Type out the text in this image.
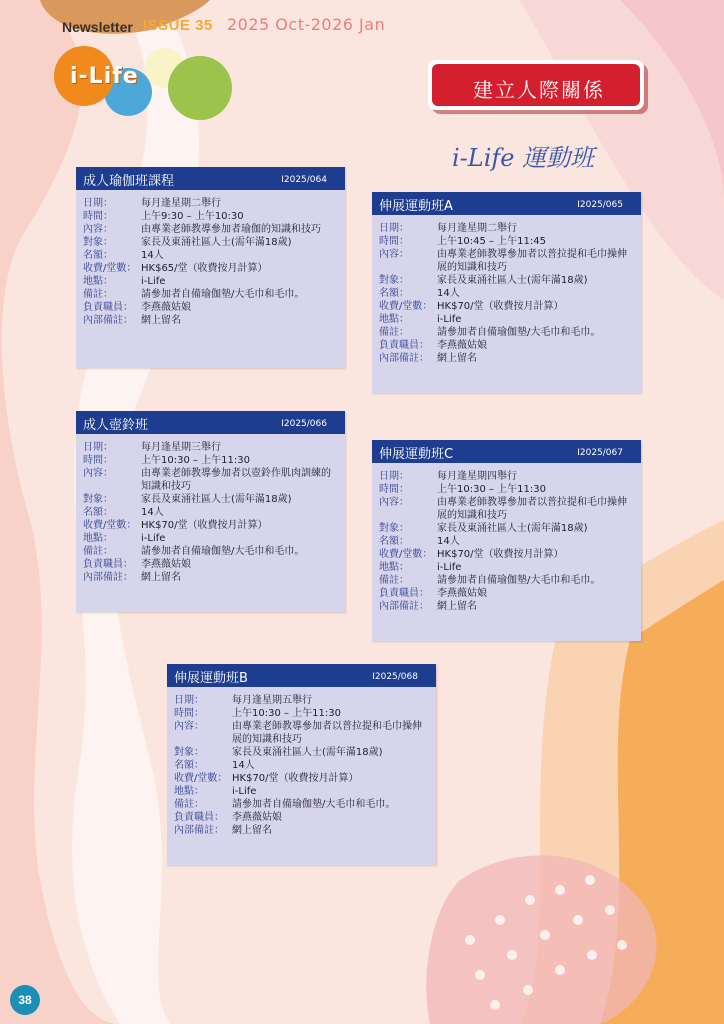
Newsletter ISSUE 35 2025 Oct-2026 Jan
i-Life
建立人際關係
i-Life 運動班
成人瑜伽班課程	I2025/064
日期：	每月逢星期二舉行
時間：	上午9:30 – 上午10:30
內容：	由專業老師教導參加者瑜伽的知識和技巧
對象：	家長及東涌社區人士(需年滿18歲)
名額：	14人
收費/堂數： HK$65/堂（收費按月計算）
地點：	i-Life
備註：	請參加者自備瑜伽墊/大毛巾和毛巾。
負責職員： 李燕薇姑娘
內部備註： 網上留名
伸展運動班A	I2025/065
日期：	每月逢星期二舉行
時間：	上午10:45 – 上午11:45
內容：	由專業老師教導參加者以普拉提和毛巾操伸展的知識和技巧
對象：	家長及東涌社區人士(需年滿18歲)
名額：	14人
收費/堂數： HK$70/堂（收費按月計算）
地點：	i-Life
備註：	請參加者自備瑜伽墊/大毛巾和毛巾。
負責職員： 李燕薇姑娘
內部備註： 網上留名
成人壺鈴班	I2025/066
日期：	每月逢星期三舉行
時間：	上午10:30 – 上午11:30
內容：	由專業老師教導參加者以壺鈴作肌肉訓練的知識和技巧
對象：	家長及東涌社區人士(需年滿18歲)
名額：	14人
收費/堂數： HK$70/堂（收費按月計算）
地點：	i-Life
備註：	請參加者自備瑜伽墊/大毛巾和毛巾。
負責職員： 李燕薇姑娘
內部備註： 網上留名
伸展運動班C	I2025/067
日期：	每月逢星期四舉行
時間：	上午10:30 – 上午11:30
內容：	由專業老師教導參加者以普拉提和毛巾操伸展的知識和技巧
對象：	家長及東涌社區人士(需年滿18歲)
名額：	14人
收費/堂數： HK$70/堂（收費按月計算）
地點：	i-Life
備註：	請參加者自備瑜伽墊/大毛巾和毛巾。
負責職員： 李燕薇姑娘
內部備註： 網上留名
伸展運動班B	I2025/068
日期：	每月逢星期五舉行
時間：	上午10:30 – 上午11:30
內容：	由專業老師教導參加者以普拉提和毛巾操伸展的知識和技巧
對象：	家長及東涌社區人士(需年滿18歲)
名額：	14人
收費/堂數： HK$70/堂（收費按月計算）
地點：	i-Life
備註：	請參加者自備瑜伽墊/大毛巾和毛巾。
負責職員： 李燕薇姑娘
內部備註： 網上留名
38
